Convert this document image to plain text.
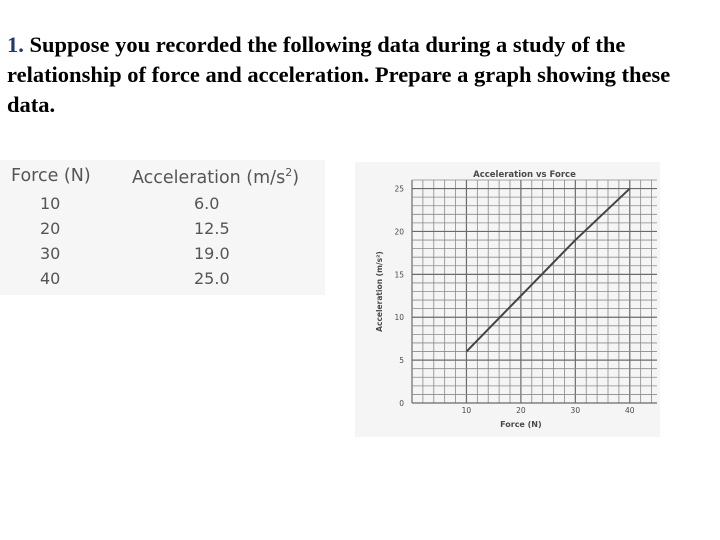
1. Suppose you recorded the following data during a study of the relationship of force and acceleration. Prepare a graph showing these data.

Force (N) Acceleration $(m/s^2)$
10	6.0
20	12.5
30	19.0
40	25.0
Acceleration vs Force
0
5
10
15
20
25
10	20	30	40
Force (N)
Acceleration (m/s²)
